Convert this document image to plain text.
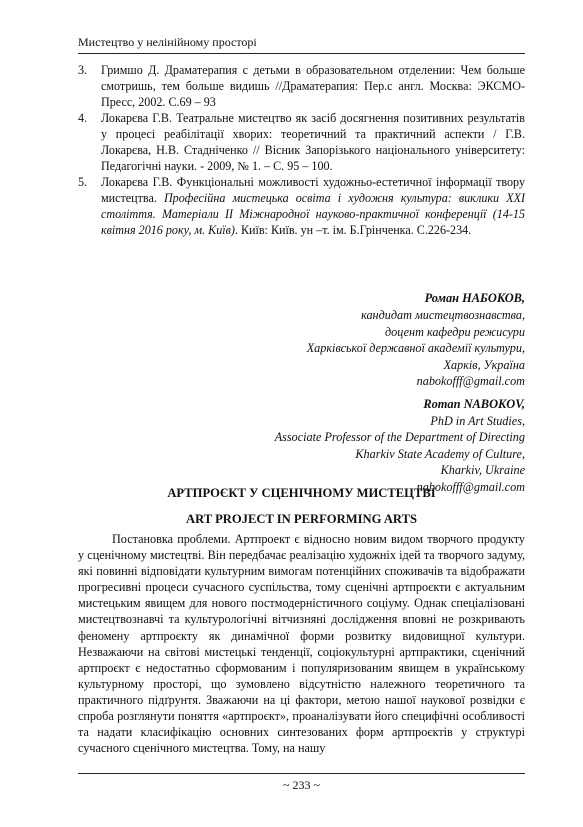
Мистецтво у нелінійному просторі

3. Гримшо Д. Драматерапия с детьми в образовательном отделении: Чем больше смотришь, тем больше видишь //Драматерапия: Пер.с англ. Москва: ЭКСМО-Пресс, 2002. С.69 – 93

4. Локарєва Г.В. Театральне мистецтво як засіб досягнення позитивних результатів у процесі реабілітації хворих: теоретичний та практичний аспекти / Г.В. Локарєва, Н.В. Стадніченко // Вісник Запорізького національного університету: Педагогічні науки. - 2009, № 1. – С. 95 – 100.

5. Локарєва Г.В. Функціональні можливості художньо-естетичної інформації твору мистецтва. Професійна мистецька освіта і художня культура: виклики XXI століття. Матеріали II Міжнародної науково-практичної конференції (14-15 квітня 2016 року, м. Київ). Київ: Київ. ун –т. ім. Б.Грінченка. С.226-234.

Роман НАБОКОВ,
кандидат мистецтвознавства,
доцент кафедри режисури
Харківської державної академії культури,
Харків, Україна
nabokofff@gmail.com
Roman NABOKOV,
PhD in Art Studies,
Associate Professor of the Department of Directing
Kharkiv State Academy of Culture,
Kharkiv, Ukraine
nabokofff@gmail.com
АРТПРОЄКТ У СЦЕНІЧНОМУ МИСТЕЦТВІ
ART PROJECT IN PERFORMING ARTS

Постановка проблеми. Артпроект є відносно новим видом творчого продукту у сценічному мистецтві. Він передбачає реалізацію художніх ідей та творчого задуму, які повинні відповідати культурним вимогам потенційних споживачів та відображати прогресивні процеси сучасного суспільства, тому сценічні артпроєкти є актуальним мистецьким явищем для нового постмодерністичного соціуму. Однак спеціалізовані мистецтвознавчі та культурологічні вітчизняні дослідження вповні не розкривають феномену артпроєкту як динамічної форми розвитку видовищної культури. Незважаючи на світові мистецькі тенденції, соціокультурні артпрактики, сценічний артпроєкт є недостатньо сформованим і популяризованим явищем в українському культурному просторі, що зумовлено відсутністю належного теоретичного та практичного підґрунтя. Зважаючи на ці фактори, метою нашої наукової розвідки є спроба розглянути поняття «артпроєкт», проаналізувати його специфічні особливості та надати класифікацію основних синтезованих форм артпроєктів у структурі сучасного сценічного мистецтва. Тому, на нашу

~ 233 ~
